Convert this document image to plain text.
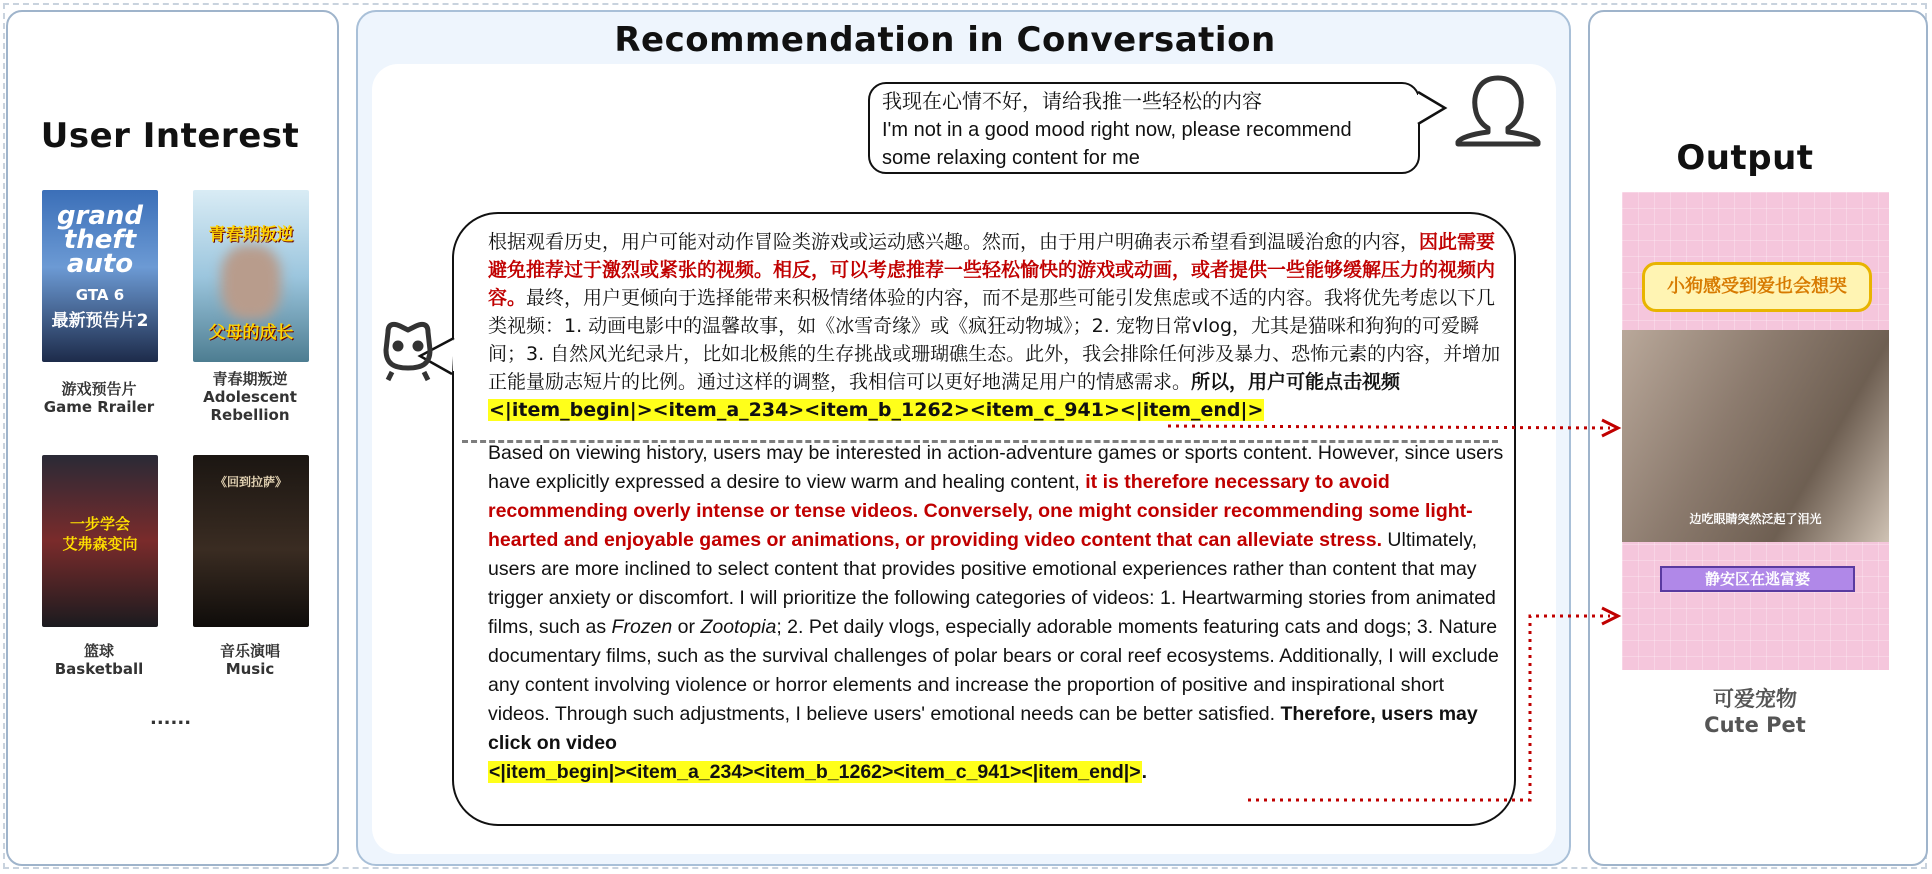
User Interest
Recommendation in Conversation
Output
grand
theft
auto
GTA 6
最新预告片2
游戏预告片
Game Rrailer
青春期叛逆
父母的成长
青春期叛逆
Adolescent Rebellion
一步学会
艾弗森变向
篮球
Basketball
《回到拉萨》
音乐演唱
Music
......
我现在心情不好，请给我推一些轻松的内容
I'm not in a good mood right now, please recommend some relaxing content for me
根据观看历史，用户可能对动作冒险类游戏或运动感兴趣。然而，由于用户明确表示希望看到温暖治愈的内容，因此需要避免推荐过于激烈或紧张的视频。相反，可以考虑推荐一些轻松愉快的游戏或动画，或者提供一些能够缓解压力的视频内容。最终，用户更倾向于选择能带来积极情绪体验的内容，而不是那些可能引发焦虑或不适的内容。我将优先考虑以下几类视频：1. 动画电影中的温馨故事，如《冰雪奇缘》或《疯狂动物城》；2. 宠物日常vlog，尤其是猫咪和狗狗的可爱瞬间；3. 自然风光纪录片，比如北极熊的生存挑战或珊瑚礁生态。此外，我会排除任何涉及暴力、恐怖元素的内容，并增加正能量励志短片的比例。通过这样的调整，我相信可以更好地满足用户的情感需求。所以，用户可能点击视频
<|item_begin|><item_a_234><item_b_1262><item_c_941><|item_end|>
Based on viewing history, users may be interested in action-adventure games or sports content. However, since users have explicitly expressed a desire to view warm and healing content, it is therefore necessary to avoid recommending overly intense or tense videos. Conversely, one might consider recommending some light-hearted and enjoyable games or animations, or providing video content that can alleviate stress. Ultimately, users are more inclined to select content that provides positive emotional experiences rather than content that may trigger anxiety or discomfort. I will prioritize the following categories of videos: 1. Heartwarming stories from animated films, such as Frozen or Zootopia; 2. Pet daily vlogs, especially adorable moments featuring cats and dogs; 3. Nature documentary films, such as the survival challenges of polar bears or coral reef ecosystems. Additionally, I will exclude any content involving violence or horror elements and increase the proportion of positive and inspirational short videos. Through such adjustments, I believe users' emotional needs can be better satisfied. Therefore, users may click on video
<|item_begin|><item_a_234><item_b_1262><item_c_941><|item_end|>.
小狗感受到爱也会想哭
边吃眼睛突然泛起了泪光
静安区在逃富婆
可爱宠物
Cute Pet
